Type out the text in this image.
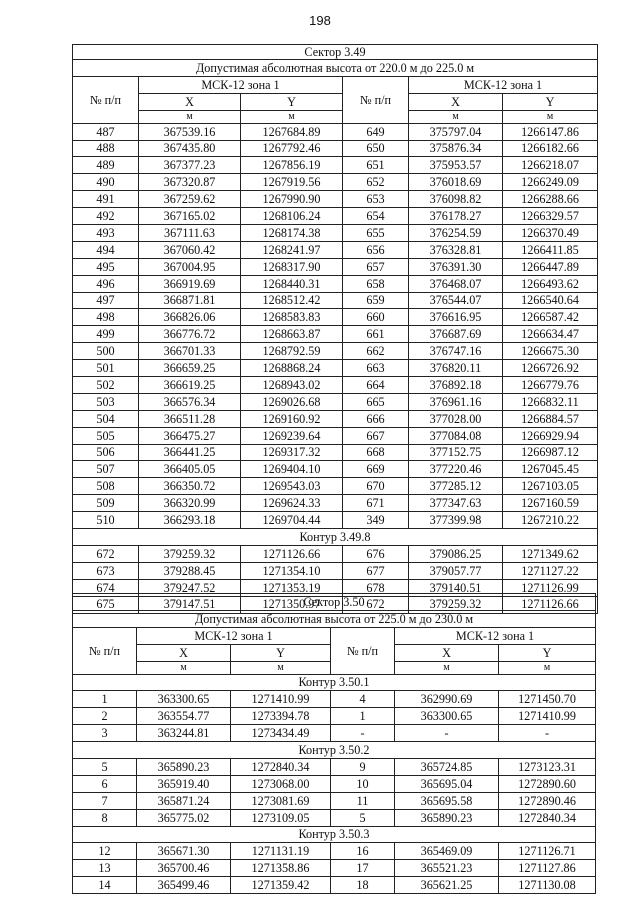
198
Сектор 3.49					
Допустимая абсолютная высота от 220.0 м до 225.0 м					
№ п/п	МСК-12 зона 1		№ п/п	МСК-12 зона 1	
	X	Y		X	Y
	м	м		м	м
487	367539.16	1267684.89	649	375797.04	1266147.86
488	367435.80	1267792.46	650	375876.34	1266182.66
489	367377.23	1267856.19	651	375953.57	1266218.07
490	367320.87	1267919.56	652	376018.69	1266249.09
491	367259.62	1267990.90	653	376098.82	1266288.66
492	367165.02	1268106.24	654	376178.27	1266329.57
493	367111.63	1268174.38	655	376254.59	1266370.49
494	367060.42	1268241.97	656	376328.81	1266411.85
495	367004.95	1268317.90	657	376391.30	1266447.89
496	366919.69	1268440.31	658	376468.07	1266493.62
497	366871.81	1268512.42	659	376544.07	1266540.64
498	366826.06	1268583.83	660	376616.95	1266587.42
499	366776.72	1268663.87	661	376687.69	1266634.47
500	366701.33	1268792.59	662	376747.16	1266675.30
501	366659.25	1268868.24	663	376820.11	1266726.92
502	366619.25	1268943.02	664	376892.18	1266779.76
503	366576.34	1269026.68	665	376961.16	1266832.11
504	366511.28	1269160.92	666	377028.00	1266884.57
505	366475.27	1269239.64	667	377084.08	1266929.94
506	366441.25	1269317.32	668	377152.75	1266987.12
507	366405.05	1269404.10	669	377220.46	1267045.45
508	366350.72	1269543.03	670	377285.12	1267103.05
509	366320.99	1269624.33	671	377347.63	1267160.59
510	366293.18	1269704.44	349	377399.98	1267210.22
Контур 3.49.8					
672	379259.32	1271126.66	676	379086.25	1271349.62
673	379288.45	1271354.10	677	379057.77	1271127.22
674	379247.52	1271353.19	678	379140.51	1271126.99
675	379147.51	1271350.97	672	379259.32	1271126.66
Сектор 3.50					
Допустимая абсолютная высота от 225.0 м до 230.0 м					
№ п/п	МСК-12 зона 1		№ п/п	МСК-12 зона 1	
	X	Y		X	Y
	м	м		м	м
Контур 3.50.1					
1	363300.65	1271410.99	4	362990.69	1271450.70
2	363554.77	1273394.78	1	363300.65	1271410.99
3	363244.81	1273434.49	-	-	-
Контур 3.50.2					
5	365890.23	1272840.34	9	365724.85	1273123.31
6	365919.40	1273068.00	10	365695.04	1272890.60
7	365871.24	1273081.69	11	365695.58	1272890.46
8	365775.02	1273109.05	5	365890.23	1272840.34
Контур 3.50.3					
12	365671.30	1271131.19	16	365469.09	1271126.71
13	365700.46	1271358.86	17	365521.23	1271127.86
14	365499.46	1271359.42	18	365621.25	1271130.08
